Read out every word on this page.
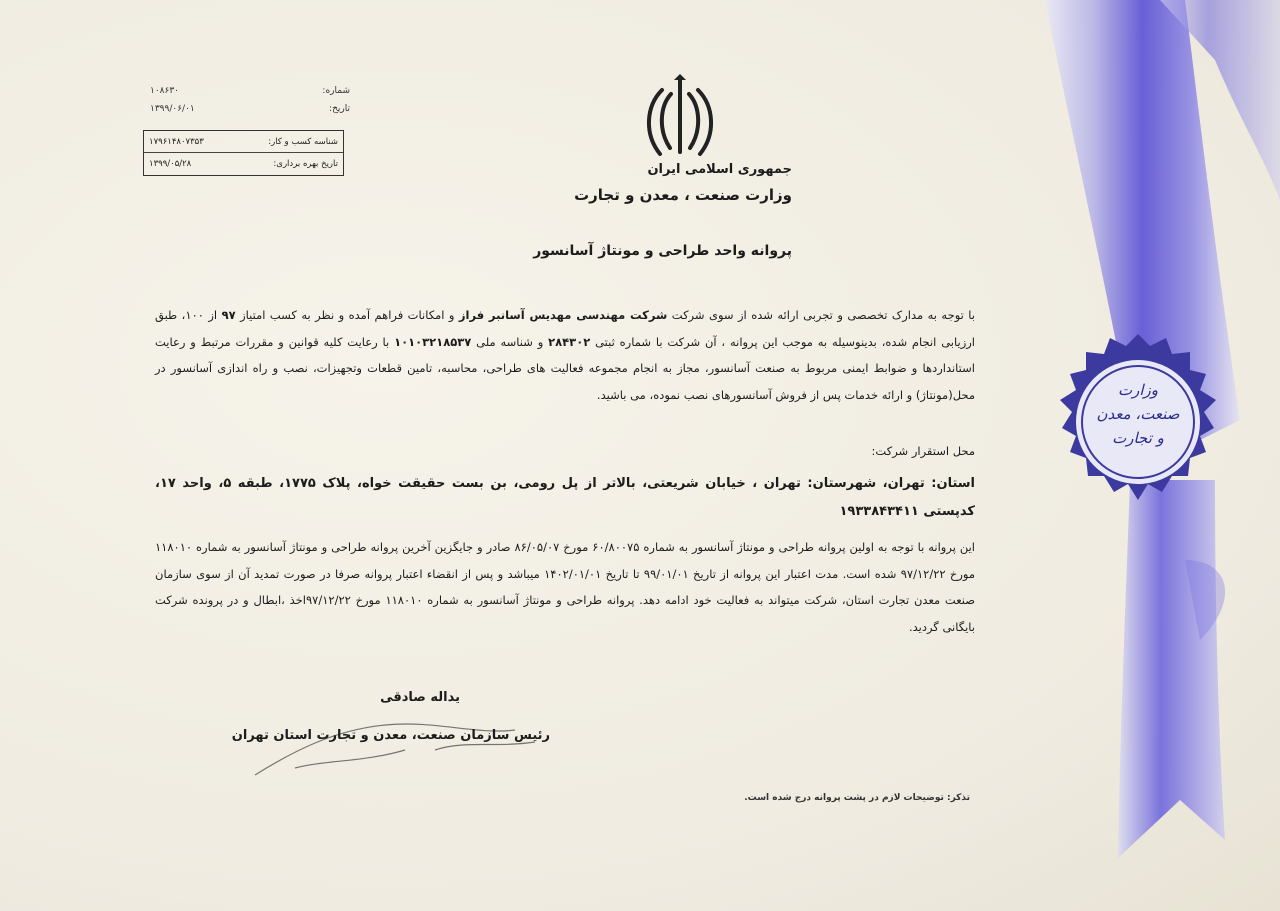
وزارت
صنعت، معدن
و تجارت
شماره:
۱۰۸۶۳۰
تاریخ:
۱۳۹۹/۰۶/۰۱
شناسه کسب و کار:
۱۷۹۶۱۴۸۰۷۳۵۳
تاریخ بهره برداری:
۱۳۹۹/۰۵/۲۸	جمهوری اسلامی ایران
وزارت صنعت ، معدن و تجارت
پروانه واحد طراحی و مونتاژ آسانسور
با توجه به مدارک تخصصی و تجربی ارائه شده از سوی شرکت شرکت مهندسی مهدیس آسانبر فراز و امکانات فراهم آمده و نظر به کسب امتیاز ۹۷ از ۱۰۰، طبق ارزیابی انجام شده، بدینوسیله به موجب این پروانه ، آن شرکت با شماره ثبتی ۲۸۴۳۰۲ و شناسه ملی ۱۰۱۰۳۲۱۸۵۳۷ با رعایت کلیه قوانین و مقررات مرتبط و رعایت استانداردها و ضوابط ایمنی مربوط به صنعت آسانسور، مجاز به انجام مجموعه فعالیت های طراحی، محاسبه، تامین قطعات وتجهیزات، نصب و راه اندازی آسانسور در محل(مونتاژ) و ارائه خدمات پس از فروش آسانسورهای نصب نموده، می باشید.
محل استقرار شرکت:
استان: تهران، شهرستان: تهران ، خیابان شریعتی، بالاتر از پل رومی، بن بست حقیقت خواه، پلاک ۱۷۷۵، طبقه ۵، واحد ۱۷، کدپستی ۱۹۳۳۸۴۳۴۱۱
این پروانه با توجه به اولین پروانه طراحی و مونتاژ آسانسور به شماره ۶۰/۸۰۰۷۵ مورخ ۸۶/۰۵/۰۷ صادر و جایگزین آخرین پروانه طراحی و مونتاژ آسانسور به شماره ۱۱۸۰۱۰ مورخ ۹۷/۱۲/۲۲ شده است. مدت اعتبار این پروانه از تاریخ ۹۹/۰۱/۰۱ تا تاریخ ۱۴۰۲/۰۱/۰۱ میباشد و پس از انقضاء اعتبار پروانه صرفا در صورت تمدید آن از سوی سازمان صنعت معدن تجارت استان، شرکت میتواند به فعالیت خود ادامه دهد. پروانه طراحی و مونتاژ آسانسور به شماره ۱۱۸۰۱۰ مورخ ۹۷/۱۲/۲۲اخذ ،ابطال و در پرونده شرکت بایگانی گردید.
یداله صادقی
رئیس سازمان صنعت، معدن و تجارت استان تهران
تذکر: توضیحات لازم در پشت پروانه درج شده است.
